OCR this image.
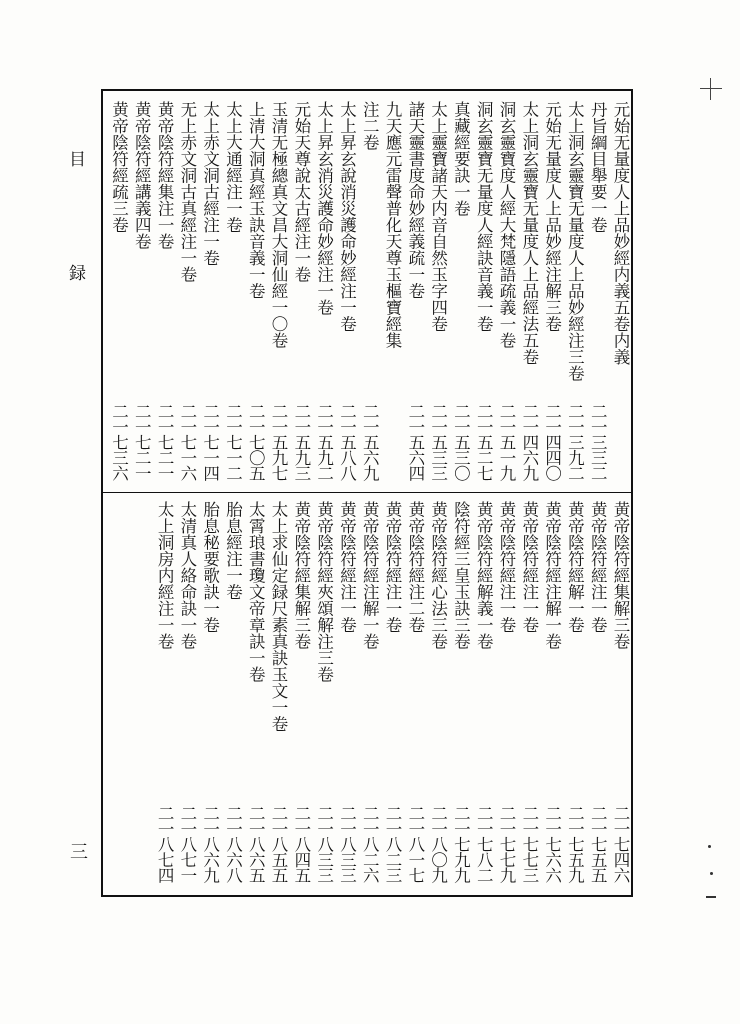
目　録
三
元始无量度人上品妙經内義五卷内義
丹旨綱目舉要一卷
二一三三二
太上洞玄靈寶无量度人上品妙經注三卷
二一三九二
元始无量度人上品妙經注解三卷
二一四四〇
太上洞玄靈寶无量度人上品經法五卷
二一四六九
洞玄靈寶度人經大梵隱語疏義一卷
二一五一九
洞玄靈寶无量度人經訣音義一卷
二一五二七
真藏經要訣一卷
二一五三〇
太上靈寶諸天内音自然玉字四卷
二一五三三
諸天靈書度命妙經義疏一卷
二一五六四
九天應元雷聲普化天尊玉樞寶經集
注二卷
二一五六九
太上昇玄說消災護命妙經注一卷
二一五八八
太上昇玄消災護命妙經注一卷
二一五九二
元始天尊說太古經注一卷
二一五九三
玉清无極總真文昌大洞仙經一〇卷
二一五九七
上清大洞真經玉訣音義一卷
二一七〇五
太上大通經注一卷
二一七一二
太上赤文洞古經注一卷
二一七一四
无上赤文洞古真經注一卷
二一七一六
黄帝陰符經集注一卷
二一七二一
黄帝陰符經講義四卷
二一七二一
黄帝陰符經疏三卷
二一七三六
黄帝陰符經集解三卷
二一七四六
黄帝陰符經注一卷
二一七五五
黄帝陰符經解一卷
二一七五九
黄帝陰符經注解一卷
二一七六六
黄帝陰符經注一卷
二一七七三
黄帝陰符經注一卷
二一七七九
黄帝陰符經解義一卷
二一七八二
陰符經三皇玉訣三卷
二一七九九
黄帝陰符經心法三卷
二一八〇九
黄帝陰符經注二卷
二一八一七
黄帝陰符經注一卷
二一八二三
黄帝陰符經注解一卷
二一八二六
黄帝陰符經注一卷
二一八三三
黄帝陰符經夾頌解注三卷
二一八三三
黄帝陰符經集解三卷
二一八四五
太上求仙定録尺素真訣玉文一卷
二一八五五
太霄琅書瓊文帝章訣一卷
二一八六五
胎息經注一卷
二一八六八
胎息秘要歌訣一卷
二一八六九
太清真人絡命訣一卷
二一八七一
太上洞房内經注一卷
二一八七四
